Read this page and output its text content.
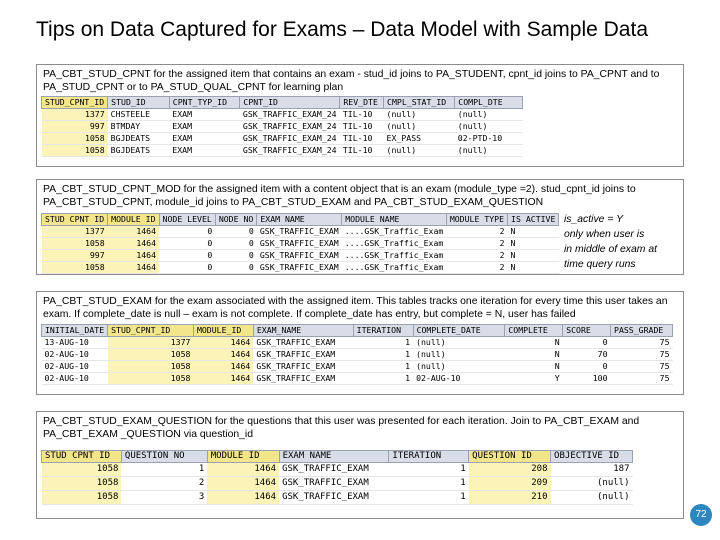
Tips on Data Captured for Exams – Data Model with Sample Data
PA_CBT_STUD_CPNT for the assigned item that contains an exam - stud_id joins to PA_STUDENT, cpnt_id joins to PA_CPNT and to PA_STUD_CPNT or to PA_STUD_QUAL_CPNT for learning plan
STUD_CPNT_ID	STUD_ID	CPNT_TYP_ID	CPNT_ID	REV_DTE	CMPL_STAT_ID	COMPL_DTE
1377	CHSTEELE	EXAM	GSK_TRAFFIC_EXAM_24	TIL-10	(null)	(null)
997	BTMDAY	EXAM	GSK_TRAFFIC_EXAM_24	TIL-10	(null)	(null)
1058	BGJDEATS	EXAM	GSK_TRAFFIC_EXAM_24	TIL-10	EX_PASS	02-PTD-10
1058	BGJDEATS	EXAM	GSK_TRAFFIC_EXAM_24	TIL-10	(null)	(null)
PA_CBT_STUD_CPNT_MOD for the assigned item with a content object that is an exam (module_type =2). stud_cpnt_id joins to PA_CBT_STUD_CPNT, module_id joins to PA_CBT_STUD_EXAM and PA_CBT_STUD_EXAM_QUESTION
STUD CPNT ID	MODULE ID	NODE LEVEL	NODE NO	EXAM NAME	MODULE NAME	MODULE TYPE	IS ACTIVE
1377	1464	0	0	GSK_TRAFFIC_EXAM	....GSK_Traffic_Exam	2	N
1058	1464	0	0	GSK_TRAFFIC_EXAM	....GSK_Traffic_Exam	2	N
997	1464	0	0	GSK_TRAFFIC_EXAM	....GSK_Traffic_Exam	2	N
1058	1464	0	0	GSK_TRAFFIC_EXAM	....GSK_Traffic_Exam	2	N
is_active = Y
only when user is
in middle of exam at
time query runs
PA_CBT_STUD_EXAM for the exam associated with the assigned item. This tables tracks one iteration for every time this user takes an exam. If complete_date is null – exam is not complete. If complete_date has entry, but complete = N, user has failed
INITIAL_DATE	STUD_CPNT_ID	MODULE_ID	EXAM_NAME	ITERATION	COMPLETE_DATE	COMPLETE	SCORE	PASS_GRADE
13-AUG-10	1377	1464	GSK_TRAFFIC_EXAM	1	(null)	N	0	75
02-AUG-10	1058	1464	GSK_TRAFFIC_EXAM	1	(null)	N	70	75
02-AUG-10	1058	1464	GSK_TRAFFIC_EXAM	1	(null)	N	0	75
02-AUG-10	1058	1464	GSK_TRAFFIC_EXAM	1	02-AUG-10	Y	100	75
PA_CBT_STUD_EXAM_QUESTION for the questions that this user was presented for each iteration. Join to PA_CBT_EXAM and PA_CBT_EXAM _QUESTION via question_id
STUD CPNT ID	QUESTION NO	MODULE ID	EXAM NAME	ITERATION	QUESTION ID	OBJECTIVE ID
1058	1	1464	GSK_TRAFFIC_EXAM	1	208	187
1058	2	1464	GSK_TRAFFIC_EXAM	1	209	(null)
1058	3	1464	GSK_TRAFFIC_EXAM	1	210	(null)
72
